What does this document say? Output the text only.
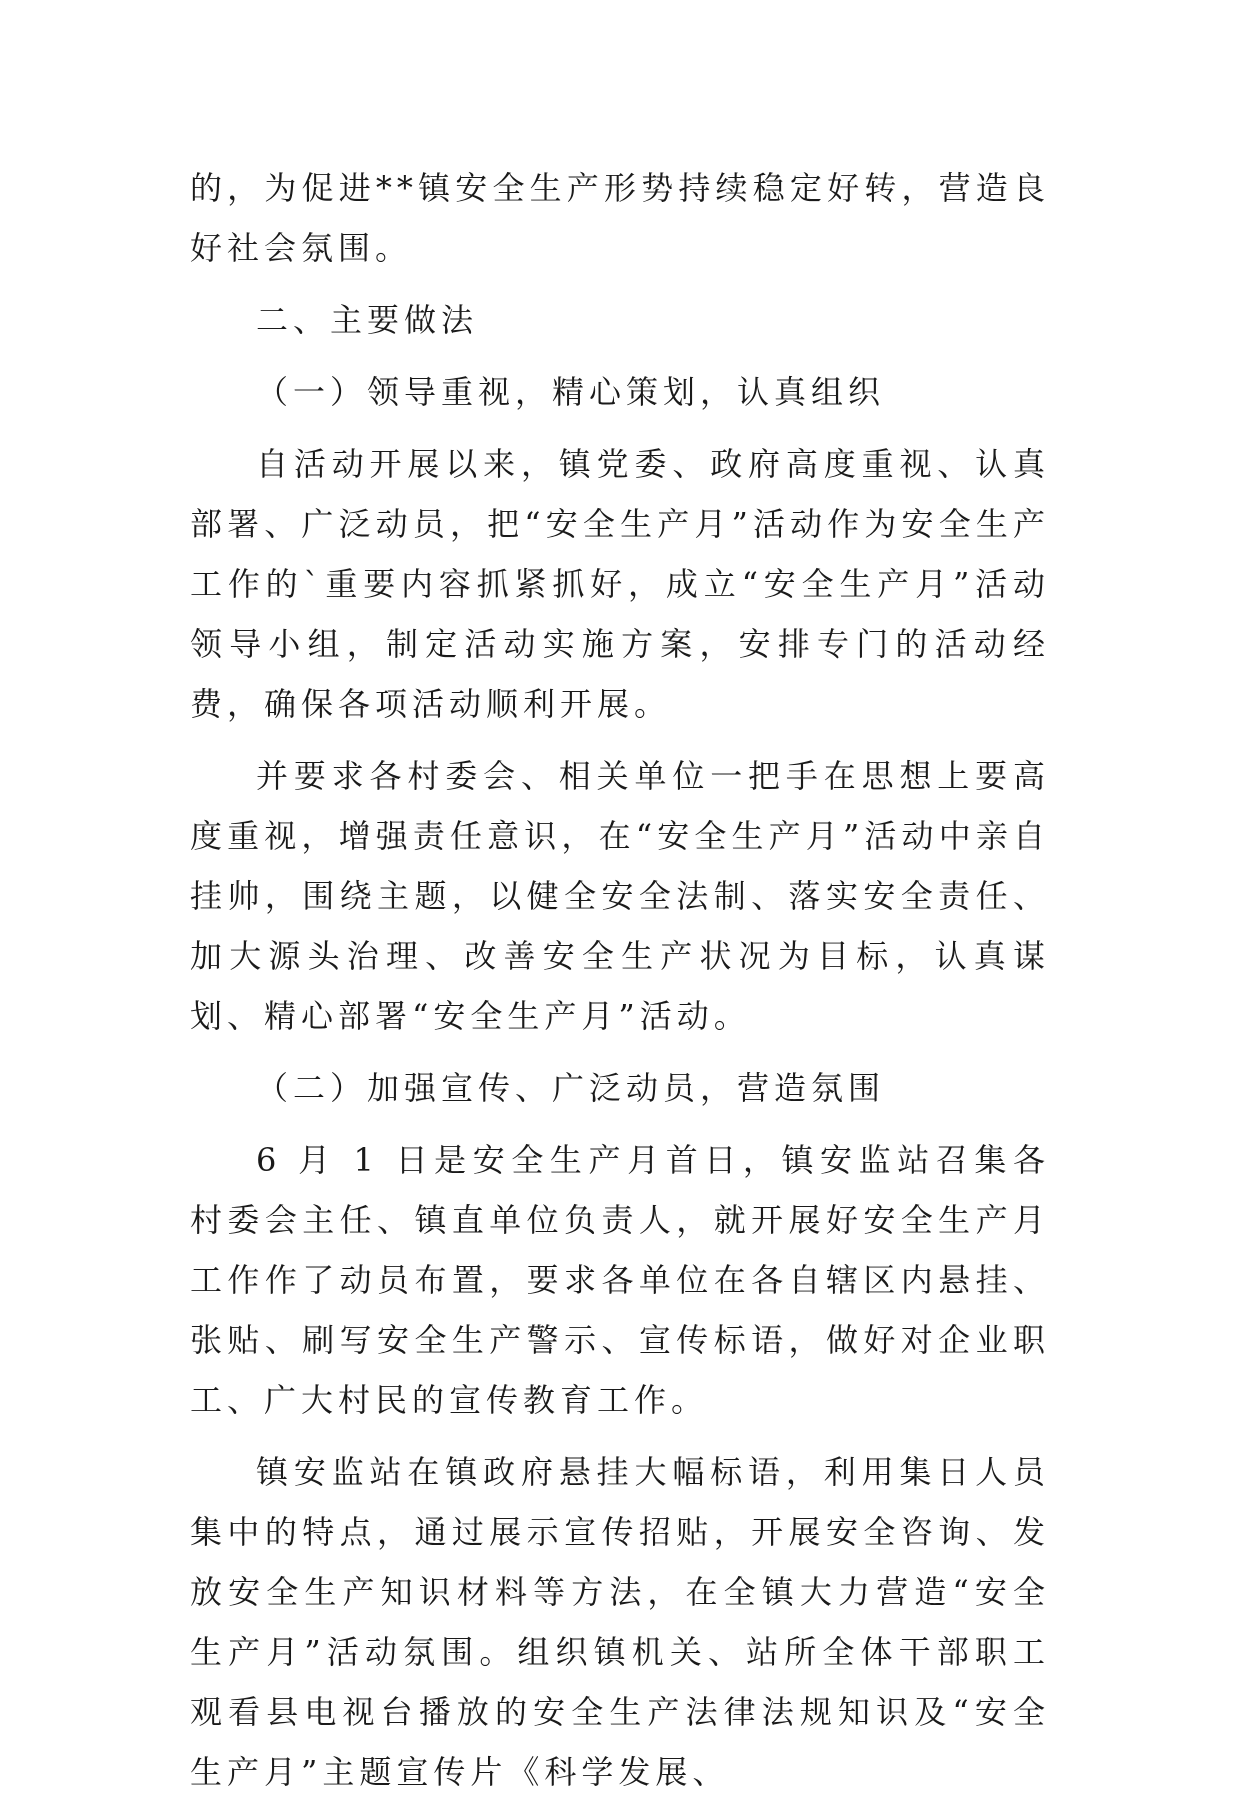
的，为促进**镇安全生产形势持续稳定好转，营造良好社会氛围。

二、主要做法

（一）领导重视，精心策划，认真组织

自活动开展以来，镇党委、政府高度重视、认真部署、广泛动员，把“安全生产月”活动作为安全生产工作的`重要内容抓紧抓好，成立“安全生产月”活动领导小组，制定活动实施方案，安排专门的活动经费，确保各项活动顺利开展。

并要求各村委会、相关单位一把手在思想上要高度重视，增强责任意识，在“安全生产月”活动中亲自挂帅，围绕主题，以健全安全法制、落实安全责任、加大源头治理、改善安全生产状况为目标，认真谋划、精心部署“安全生产月”活动。

（二）加强宣传、广泛动员，营造氛围

6 月 1 日是安全生产月首日，镇安监站召集各村委会主任、镇直单位负责人，就开展好安全生产月工作作了动员布置，要求各单位在各自辖区内悬挂、张贴、刷写安全生产警示、宣传标语，做好对企业职工、广大村民的宣传教育工作。

镇安监站在镇政府悬挂大幅标语，利用集日人员集中的特点，通过展示宣传招贴，开展安全咨询、发放安全生产知识材料等方法，在全镇大力营造“安全生产月”活动氛围。组织镇机关、站所全体干部职工观看县电视台播放的安全生产法律法规知识及“安全生产月”主题宣传片《科学发展、
